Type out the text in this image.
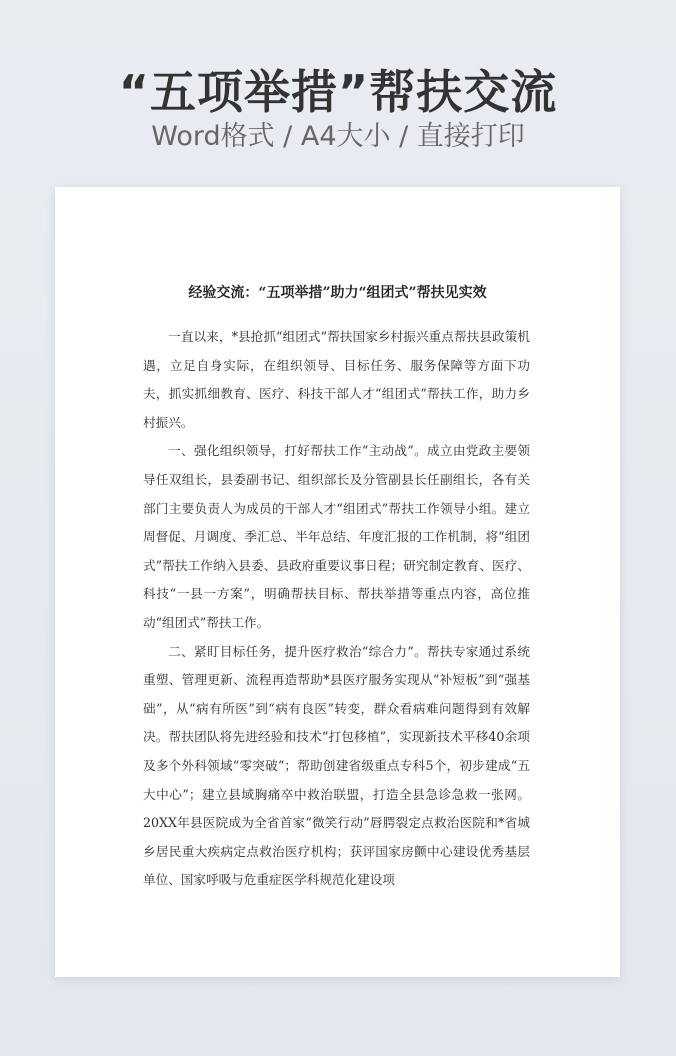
“五项举措”帮扶交流
Word格式 / A4大小 / 直接打印
经验交流：“五项举措”助力“组团式”帮扶见实效

一直以来，*县抢抓“组团式”帮扶国家乡村振兴重点帮扶县政策机遇，立足自身实际，在组织领导、目标任务、服务保障等方面下功夫，抓实抓细教育、医疗、科技干部人才“组团式”帮扶工作，助力乡村振兴。

一、强化组织领导，打好帮扶工作“主动战”。成立由党政主要领导任双组长，县委副书记、组织部长及分管副县长任副组长，各有关部门主要负责人为成员的干部人才“组团式”帮扶工作领导小组。建立周督促、月调度、季汇总、半年总结、年度汇报的工作机制，将“组团式”帮扶工作纳入县委、县政府重要议事日程；研究制定教育、医疗、科技“一县一方案”，明确帮扶目标、帮扶举措等重点内容，高位推动“组团式”帮扶工作。

二、紧盯目标任务，提升医疗救治“综合力”。帮扶专家通过系统重塑、管理更新、流程再造帮助*县医疗服务实现从“补短板”到“强基础”，从“病有所医”到“病有良医”转变，群众看病难问题得到有效解决。帮扶团队将先进经验和技术“打包移植”，实现新技术平移40余项及多个外科领域“零突破”；帮助创建省级重点专科5个，初步建成“五大中心”；建立县域胸痛卒中救治联盟，打造全县急诊急救一张网。20XX年县医院成为全省首家“微笑行动”唇腭裂定点救治医院和*省城乡居民重大疾病定点救治医疗机构；获评国家房颤中心建设优秀基层单位、国家呼吸与危重症医学科规范化建设项
